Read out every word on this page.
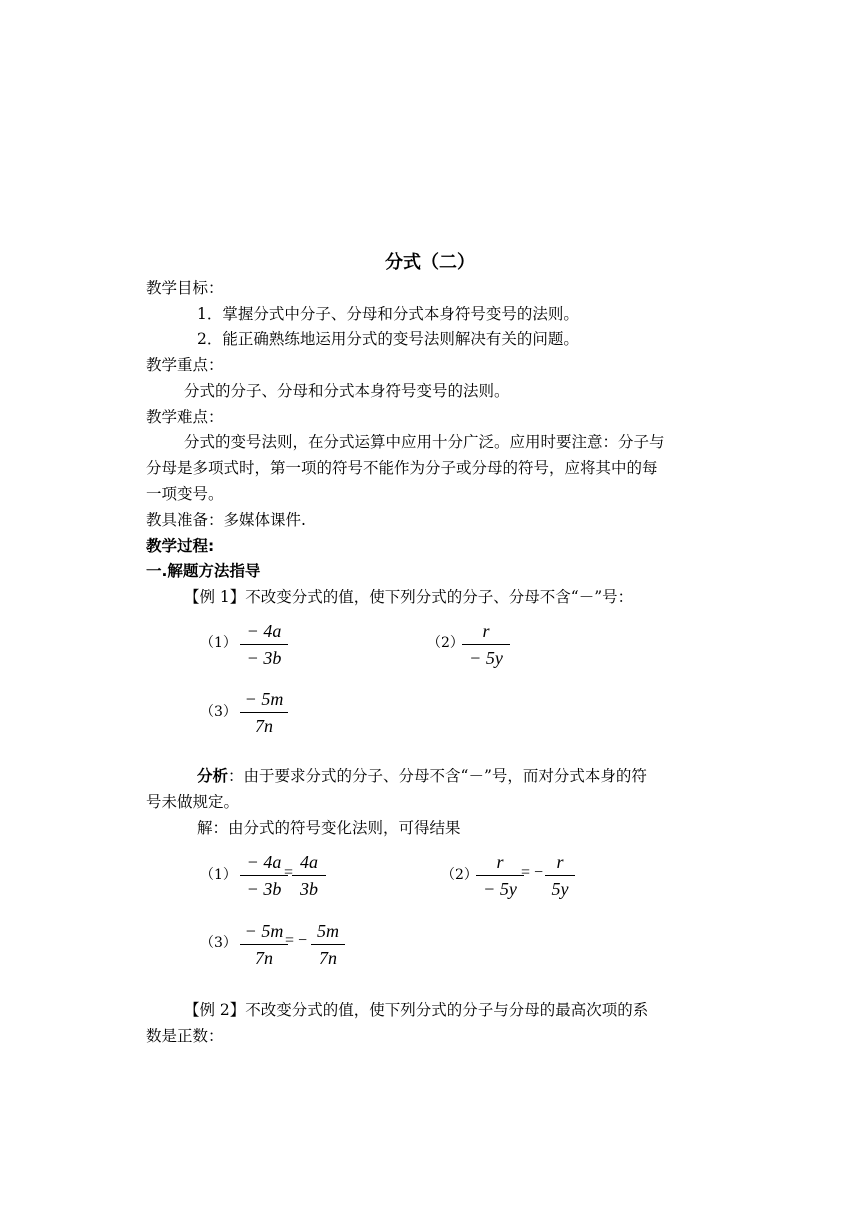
分式（二）
教学目标：
1．掌握分式中分子、分母和分式本身符号变号的法则。
2．能正确熟练地运用分式的变号法则解决有关的问题。
教学重点：
分式的分子、分母和分式本身符号变号的法则。
教学难点：
分式的变号法则，在分式运算中应用十分广泛。应用时要注意：分子与
分母是多项式时，第一项的符号不能作为分子或分母的符号，应将其中的每
一项变号。
教具准备：多媒体课件.
教学过程:
一.解题方法指导
【例 1】不改变分式的值，使下列分式的分子、分母不含“－”号：
（1）
− 4a
− 3b
（2）
r
− 5y
（3）
− 5m
7n
分析：由于要求分式的分子、分母不含“－”号，而对分式本身的符
号未做规定。
解：由分式的符号变化法则，可得结果
（1）
− 4a
− 3b
=
4a
3b
（2）
r
− 5y
= −
r
5y
（3）
− 5m
7n
= − 5m
7n
【例 2】不改变分式的值，使下列分式的分子与分母的最高次项的系
数是正数：
